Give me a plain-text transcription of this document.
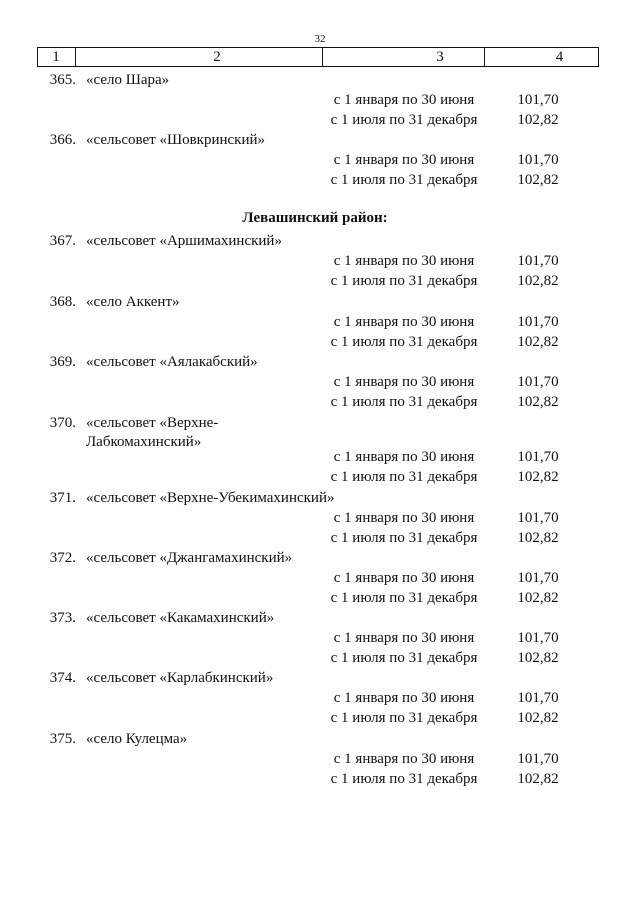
32
1	2	3	4
Левашинский район:
365. «село Шара»
с 1 января по 30 июня	101,70
с 1 июля по 31 декабря	102,82
366. «сельсовет «Шовкринский»
с 1 января по 30 июня	101,70
с 1 июля по 31 декабря	102,82
367. «сельсовет «Аршимахинский»
с 1 января по 30 июня	101,70
с 1 июля по 31 декабря	102,82
368. «село Аккент»
с 1 января по 30 июня	101,70
с 1 июля по 31 декабря	102,82
369. «сельсовет «Аялакабский»
с 1 января по 30 июня	101,70
с 1 июля по 31 декабря	102,82
370. «сельсовет «Верхне-
Лабкомахинский»
с 1 января по 30 июня	101,70
с 1 июля по 31 декабря	102,82
371. «сельсовет «Верхне-Убекимахинский»
с 1 января по 30 июня	101,70
с 1 июля по 31 декабря	102,82
372. «сельсовет «Джангамахинский»
с 1 января по 30 июня	101,70
с 1 июля по 31 декабря	102,82
373. «сельсовет «Какамахинский»
с 1 января по 30 июня	101,70
с 1 июля по 31 декабря	102,82
374. «сельсовет «Карлабкинский»
с 1 января по 30 июня	101,70
с 1 июля по 31 декабря	102,82
375. «село Кулецма»
с 1 января по 30 июня	101,70
с 1 июля по 31 декабря	102,82
